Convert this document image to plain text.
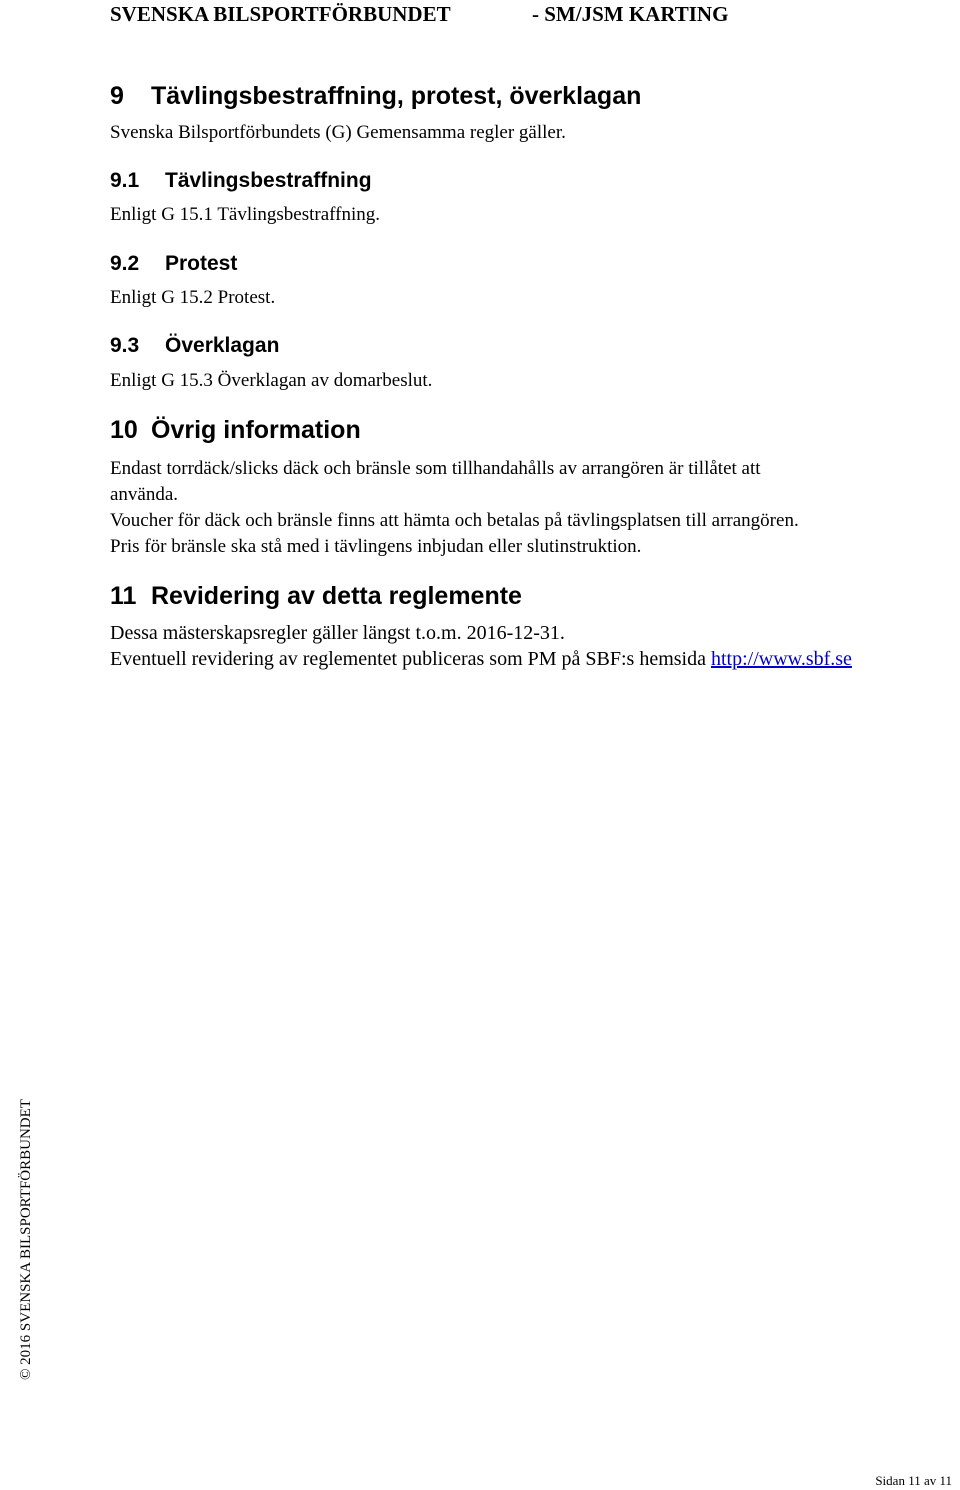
SVENSKA BILSPORTFÖRBUNDET	- SM/JSM KARTING
9 Tävlingsbestraffning, protest, överklagan
Svenska Bilsportförbundets (G) Gemensamma regler gäller.
9.1 Tävlingsbestraffning
Enligt G 15.1 Tävlingsbestraffning.
9.2 Protest
Enligt G 15.2 Protest.
9.3 Överklagan
Enligt G 15.3 Överklagan av domarbeslut.
10 Övrig information
Endast torrdäck/slicks däck och bränsle som tillhandahålls av arrangören är tillåtet att
använda.
Voucher för däck och bränsle finns att hämta och betalas på tävlingsplatsen till arrangören.
Pris för bränsle ska stå med i tävlingens inbjudan eller slutinstruktion.
11 Revidering av detta reglemente
Dessa mästerskapsregler gäller längst t.o.m. 2016-12-31.
Eventuell revidering av reglementet publiceras som PM på SBF:s hemsida http://www.sbf.se
© 2016 SVENSKA BILSPORTFÖRBUNDET
Sidan 11 av 11
